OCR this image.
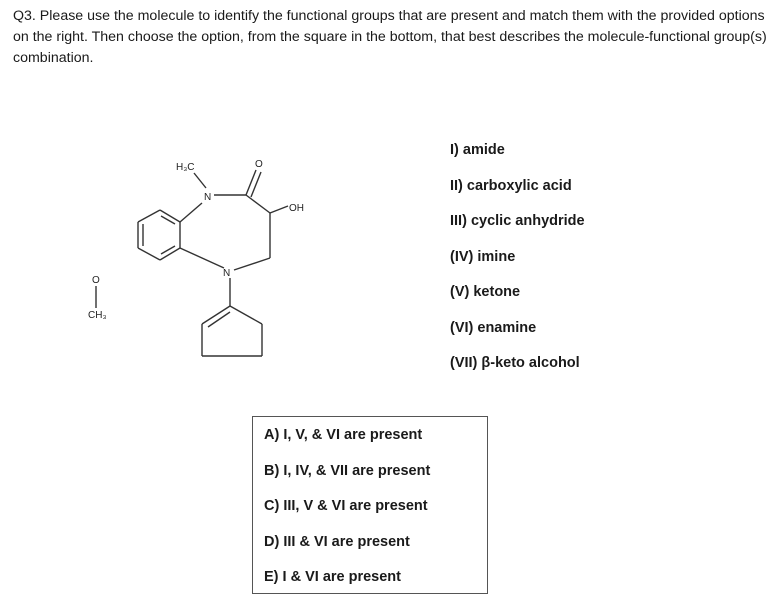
Q3. Please use the molecule to identify the functional groups that are present and match them with the provided options on the right. Then choose the option, from the square in the bottom, that best describes the molecule-functional group(s) combination.
H₃C
N
O
OH
N
O
CH₃
I) amide
II) carboxylic acid
III) cyclic anhydride
(IV) imine
(V) ketone
(VI) enamine
(VII) β-keto alcohol
A) I, V, & VI are present
B) I, IV, & VII are present
C) III, V & VI are present
D) III & VI are present
E) I & VI are present
